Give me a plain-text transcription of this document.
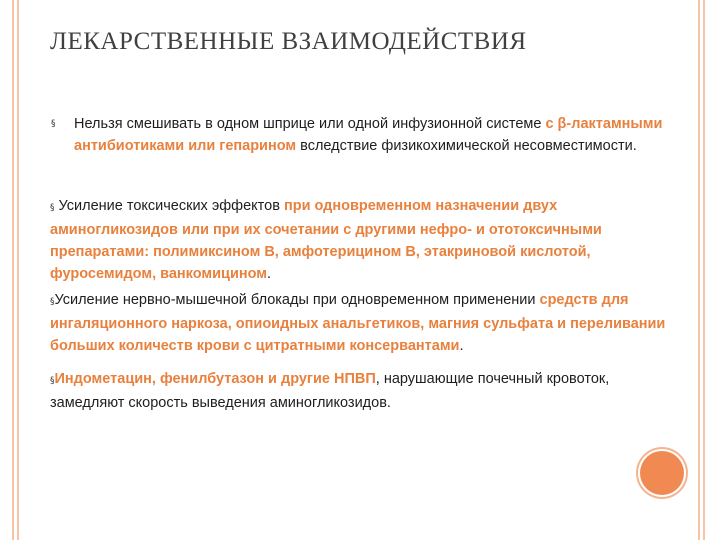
ЛЕКАРСТВЕННЫЕ ВЗАИМОДЕЙСТВИЯ
§ Нельзя смешивать в одном шприце или одной инфузионной системе с β-лактамными антибиотиками или гепарином вследствие физикохимической несовместимости.
§ Усиление токсических эффектов при одновременном назначении двух аминогликозидов или при их сочетании с другими нефро- и ототоксичными препаратами: полимиксином В, амфотерицином В, этакриновой кислотой, фуросемидом, ванкомицином.
§Усиление нервно-мышечной блокады при одновременном применении средств для ингаляционного наркоза, опиоидных анальгетиков, магния сульфата и переливании больших количеств крови с цитратными консервантами.
§Индометацин, фенилбутазон и другие НПВП, нарушающие почечный кровоток, замедляют скорость выведения аминогликозидов.
